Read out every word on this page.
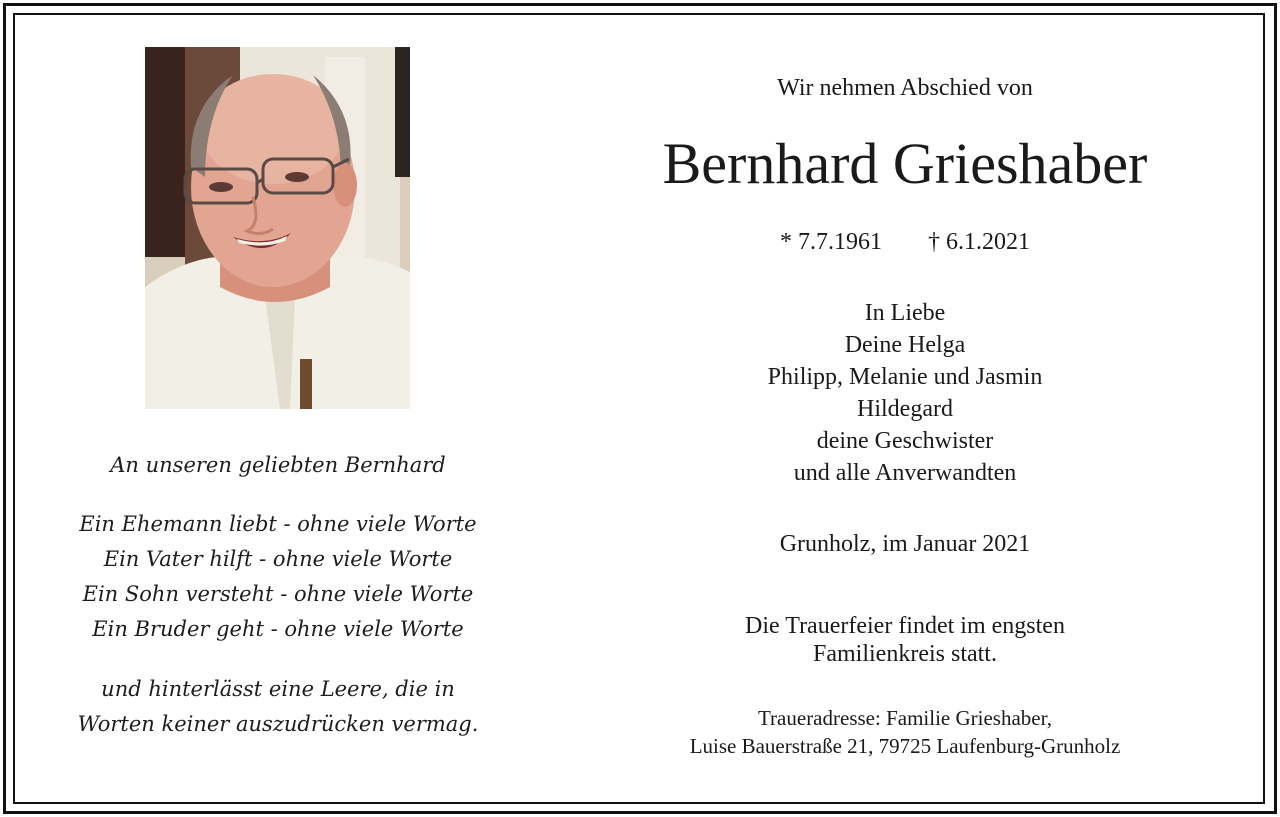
An unseren geliebten Bernhard
Ein Ehemann liebt - ohne viele Worte
Ein Vater hilft - ohne viele Worte
Ein Sohn versteht - ohne viele Worte
Ein Bruder geht - ohne viele Worte
und hinterlässt eine Leere, die in
Worten keiner auszudrücken vermag.
Wir nehmen Abschied von
Bernhard Grieshaber
* 7.7.1961 † 6.1.2021
In Liebe
Deine Helga
Philipp, Melanie und Jasmin
Hildegard
deine Geschwister
und alle Anverwandten
Grunholz, im Januar 2021
Die Trauerfeier findet im engsten
Familienkreis statt.
Traueradresse: Familie Grieshaber,
Luise Bauerstraße 21, 79725 Laufenburg-Grunholz
